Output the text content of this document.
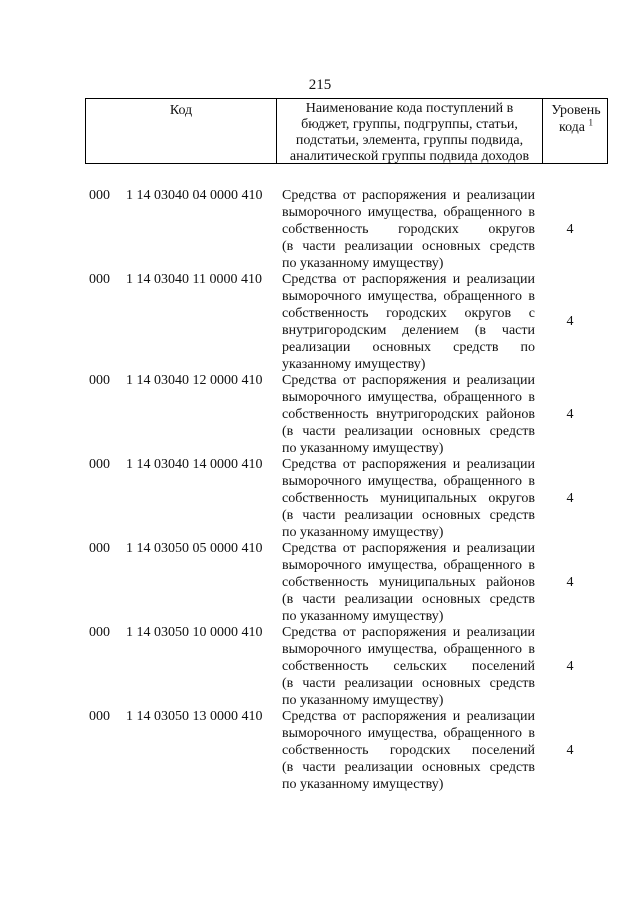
215
Код	Наименование кода поступлений в
бюджет, группы, подгруппы, статьи,
подстатьи, элемента, группы подвида,
аналитической группы подвида доходов
Уровень
кода $^1$
000	1 14 03040 04 0000 410	Средства от распоряжения и реализации
выморочного имущества, обращенного в
собственность городских округов
(в части реализации основных средств
по указанному имуществу)
4
000	1 14 03040 11 0000 410	Средства от распоряжения и реализации
выморочного имущества, обращенного в
собственность городских округов с
внутригородским делением (в части
реализации основных средств по
указанному имуществу)
4
000	1 14 03040 12 0000 410	Средства от распоряжения и реализации
выморочного имущества, обращенного в
собственность внутригородских районов
(в части реализации основных средств
по указанному имуществу)
4
000	1 14 03040 14 0000 410	Средства от распоряжения и реализации
выморочного имущества, обращенного в
собственность муниципальных округов
(в части реализации основных средств
по указанному имуществу)
4
000	1 14 03050 05 0000 410	Средства от распоряжения и реализации
выморочного имущества, обращенного в
собственность муниципальных районов
(в части реализации основных средств
по указанному имуществу)
4
000	1 14 03050 10 0000 410	Средства от распоряжения и реализации
выморочного имущества, обращенного в
собственность сельских поселений
(в части реализации основных средств
по указанному имуществу)
4
000	1 14 03050 13 0000 410	Средства от распоряжения и реализации
выморочного имущества, обращенного в
собственность городских поселений
(в части реализации основных средств
по указанному имуществу)
4
